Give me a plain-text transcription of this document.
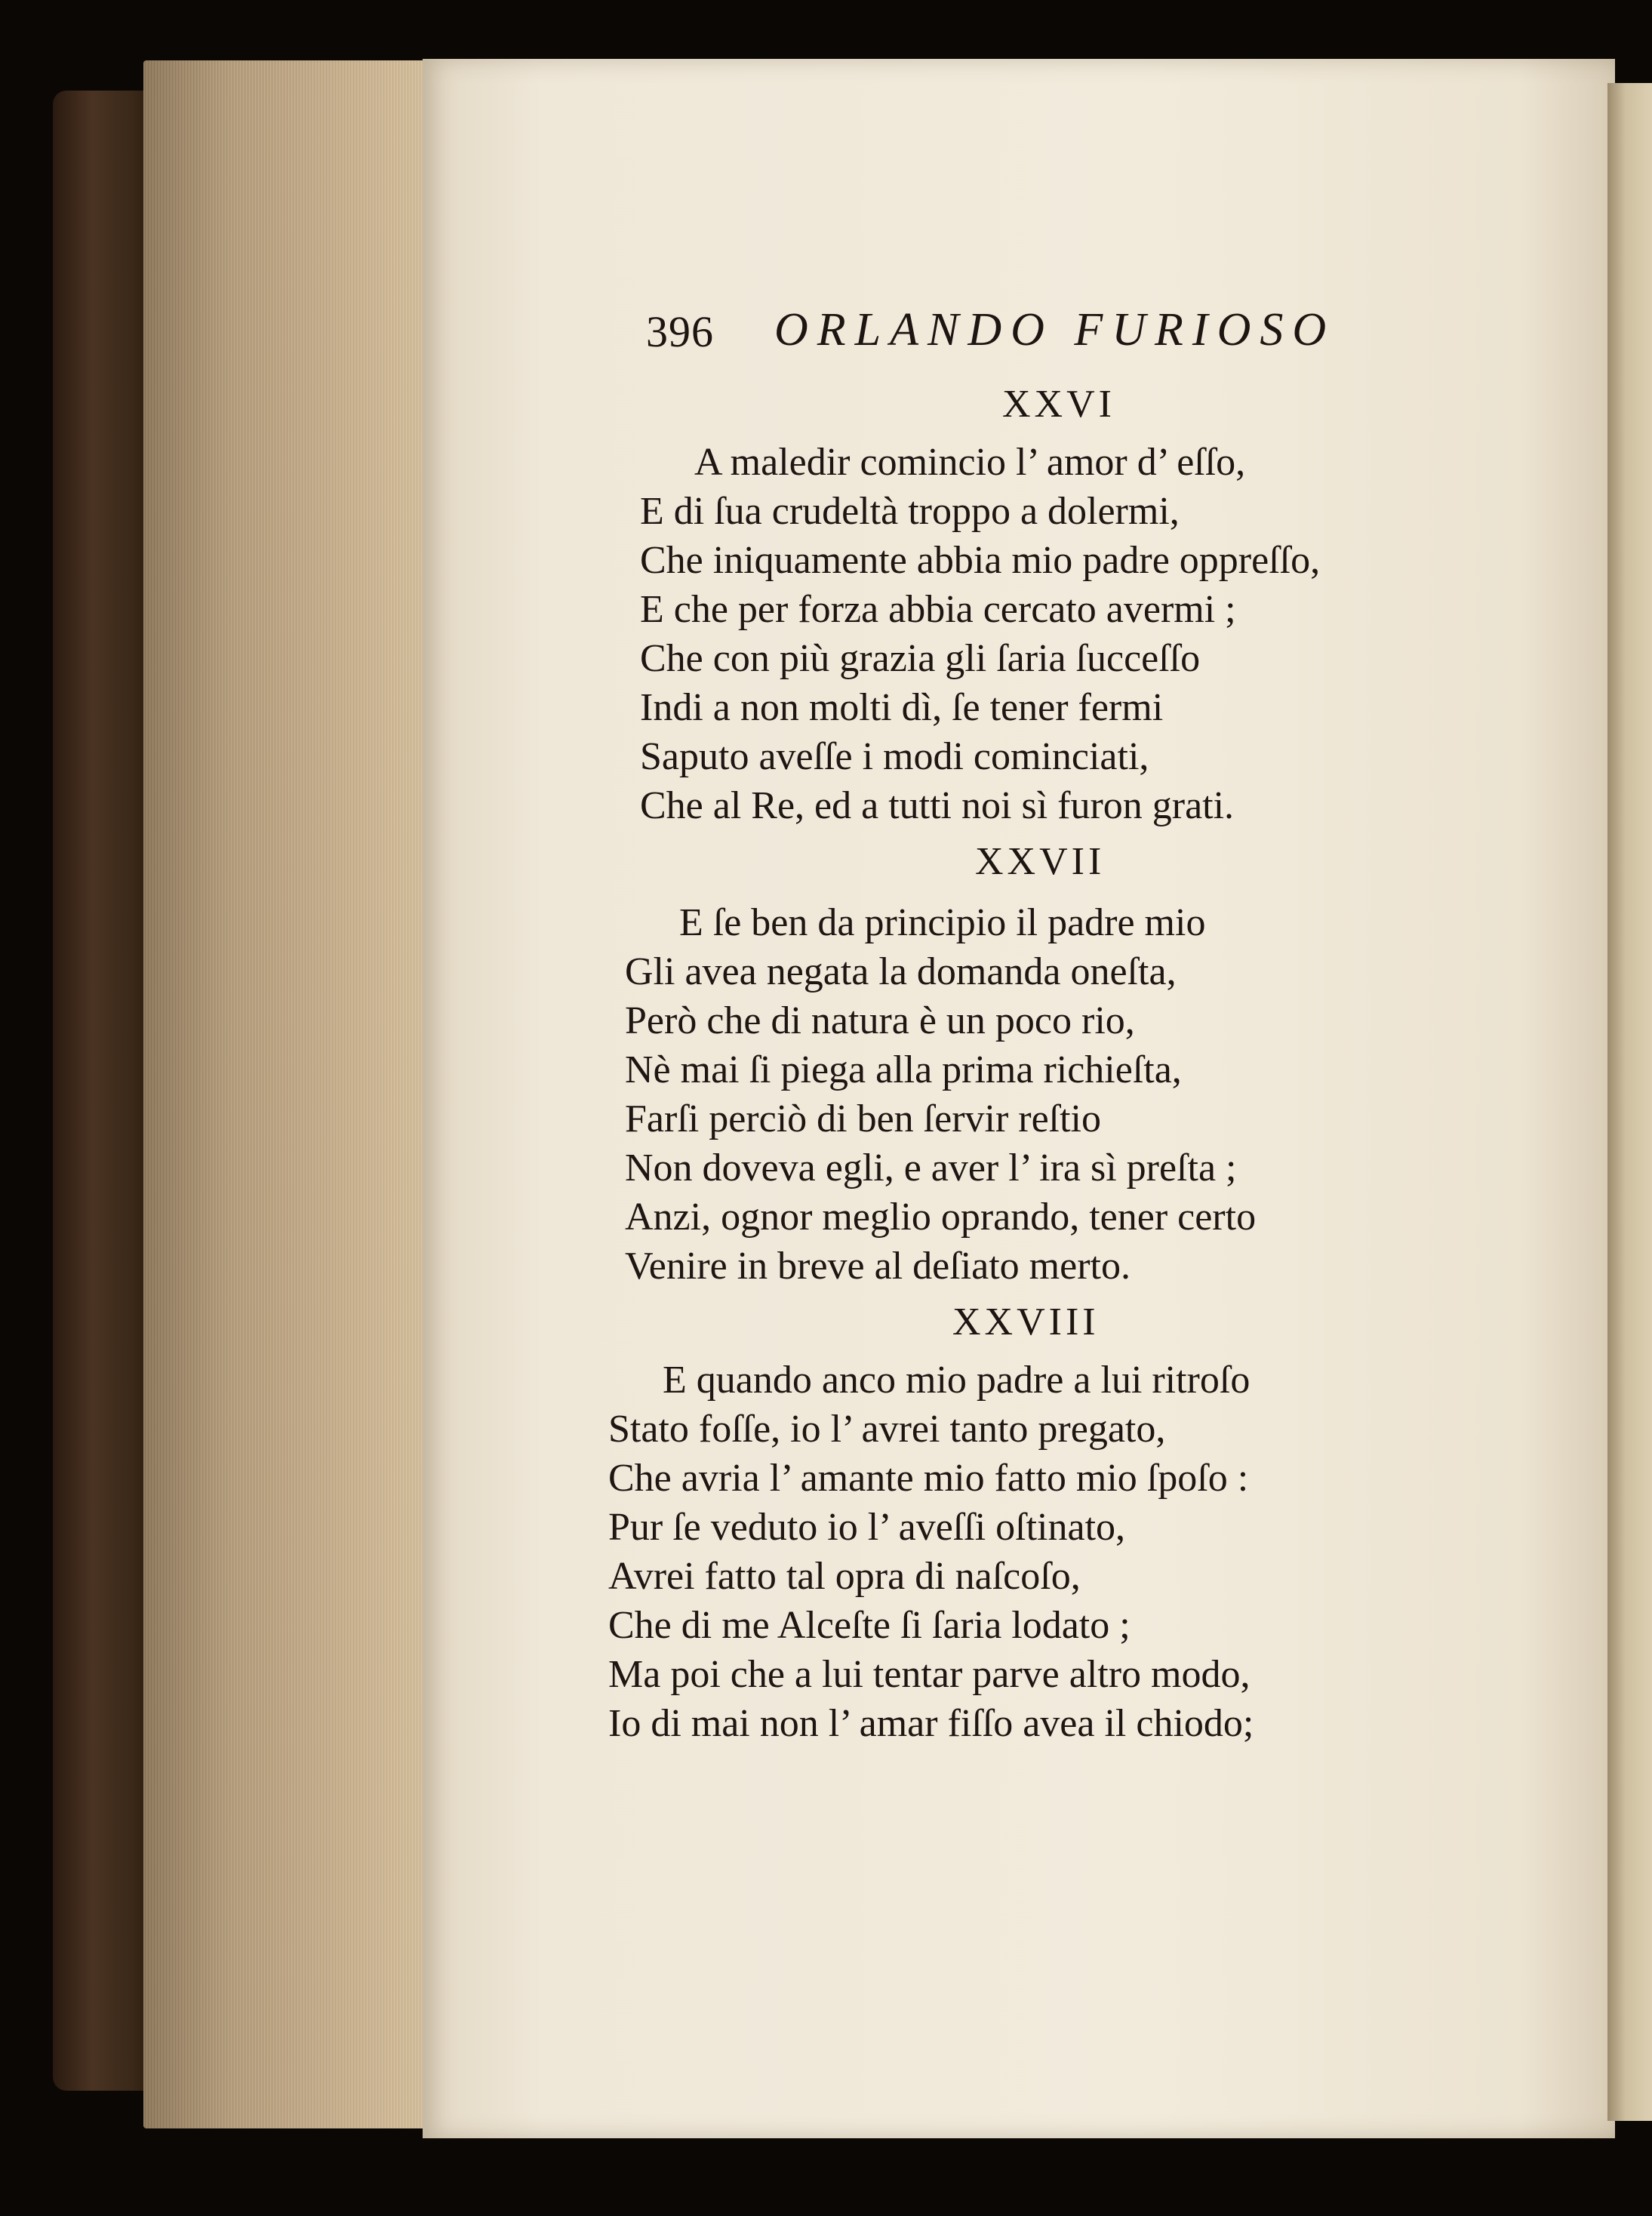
396 ORLANDO FURIOSO
XXVI

A maledir comincio l’ amor d’ eſſo,

E di ſua crudeltà troppo a dolermi,

Che iniquamente abbia mio padre oppreſſo,

E che per forza abbia cercato avermi ;

Che con più grazia gli ſaria ſucceſſo

Indi a non molti dì, ſe tener fermi

Saputo aveſſe i modi cominciati,

Che al Re, ed a tutti noi sì furon grati.

XXVII

E ſe ben da principio il padre mio

Gli avea negata la domanda oneſta,

Però che di natura è un poco rio,

Nè mai ſi piega alla prima richieſta,

Farſi perciò di ben ſervir reſtio

Non doveva egli, e aver l’ ira sì preſta ;

Anzi, ognor meglio oprando, tener certo

Venire in breve al deſiato merto.

XXVIII

E quando anco mio padre a lui ritroſo

Stato foſſe, io l’ avrei tanto pregato,

Che avria l’ amante mio fatto mio ſpoſo :

Pur ſe veduto io l’ aveſſi oſtinato,

Avrei fatto tal opra di naſcoſo,

Che di me Alceſte ſi ſaria lodato ;

Ma poi che a lui tentar parve altro modo,

Io di mai non l’ amar fiſſo avea il chiodo;
